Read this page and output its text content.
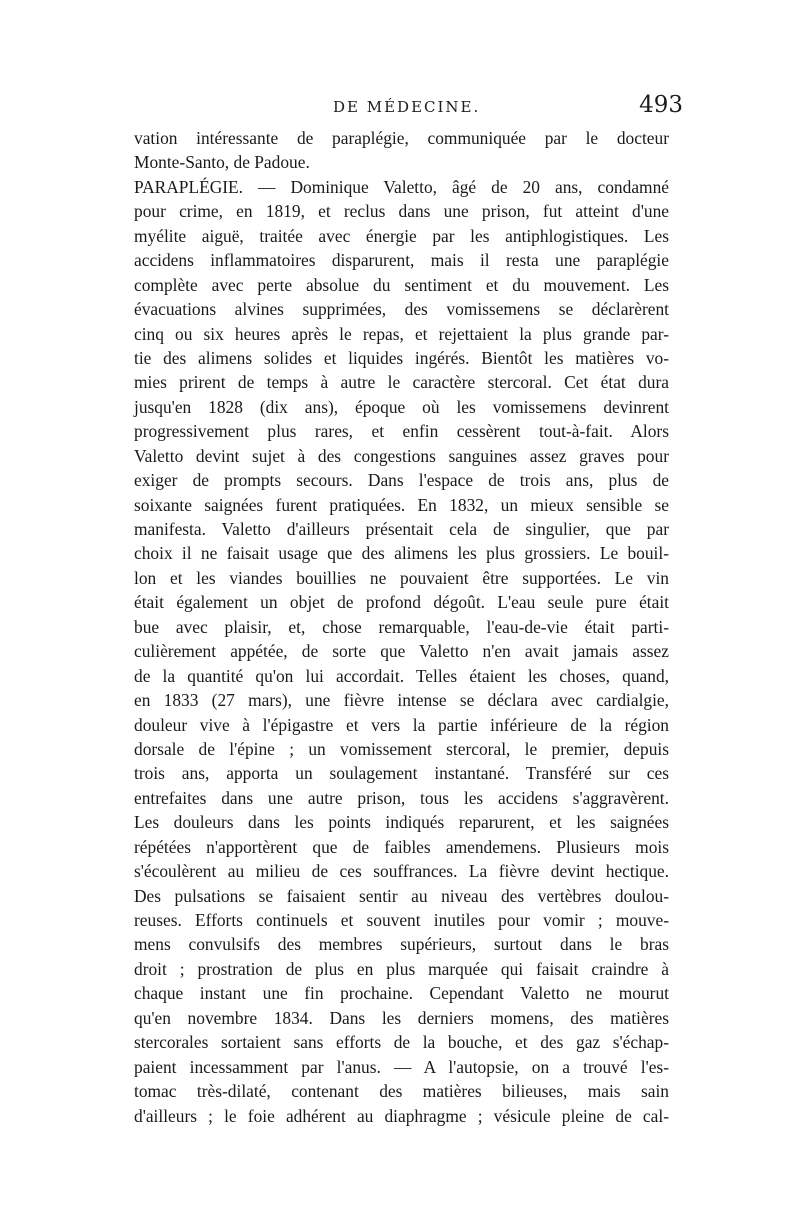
DE MÉDECINE.	493
vation intéressante de paraplégie, communiquée par le docteur
Monte-Santo, de Padoue.
PARAPLÉGIE. — Dominique Valetto, âgé de 20 ans, condamné
pour crime, en 1819, et reclus dans une prison, fut atteint d'une
myélite aiguë, traitée avec énergie par les antiphlogistiques. Les
accidens inflammatoires disparurent, mais il resta une paraplégie
complète avec perte absolue du sentiment et du mouvement. Les
évacuations alvines supprimées, des vomissemens se déclarèrent
cinq ou six heures après le repas, et rejettaient la plus grande par-
tie des alimens solides et liquides ingérés. Bientôt les matières vo-
mies prirent de temps à autre le caractère stercoral. Cet état dura
jusqu'en 1828 (dix ans), époque où les vomissemens devinrent
progressivement plus rares, et enfin cessèrent tout-à-fait. Alors
Valetto devint sujet à des congestions sanguines assez graves pour
exiger de prompts secours. Dans l'espace de trois ans, plus de
soixante saignées furent pratiquées. En 1832, un mieux sensible se
manifesta. Valetto d'ailleurs présentait cela de singulier, que par
choix il ne faisait usage que des alimens les plus grossiers. Le bouil-
lon et les viandes bouillies ne pouvaient être supportées. Le vin
était également un objet de profond dégoût. L'eau seule pure était
bue avec plaisir, et, chose remarquable, l'eau-de-vie était parti-
culièrement appétée, de sorte que Valetto n'en avait jamais assez
de la quantité qu'on lui accordait. Telles étaient les choses, quand,
en 1833 (27 mars), une fièvre intense se déclara avec cardialgie,
douleur vive à l'épigastre et vers la partie inférieure de la région
dorsale de l'épine ; un vomissement stercoral, le premier, depuis
trois ans, apporta un soulagement instantané. Transféré sur ces
entrefaites dans une autre prison, tous les accidens s'aggravèrent.
Les douleurs dans les points indiqués reparurent, et les saignées
répétées n'apportèrent que de faibles amendemens. Plusieurs mois
s'écoulèrent au milieu de ces souffrances. La fièvre devint hectique.
Des pulsations se faisaient sentir au niveau des vertèbres doulou-
reuses. Efforts continuels et souvent inutiles pour vomir ; mouve-
mens convulsifs des membres supérieurs, surtout dans le bras
droit ; prostration de plus en plus marquée qui faisait craindre à
chaque instant une fin prochaine. Cependant Valetto ne mourut
qu'en novembre 1834. Dans les derniers momens, des matières
stercorales sortaient sans efforts de la bouche, et des gaz s'échap-
paient incessamment par l'anus. — A l'autopsie, on a trouvé l'es-
tomac très-dilaté, contenant des matières bilieuses, mais sain
d'ailleurs ; le foie adhérent au diaphragme ; vésicule pleine de cal-
